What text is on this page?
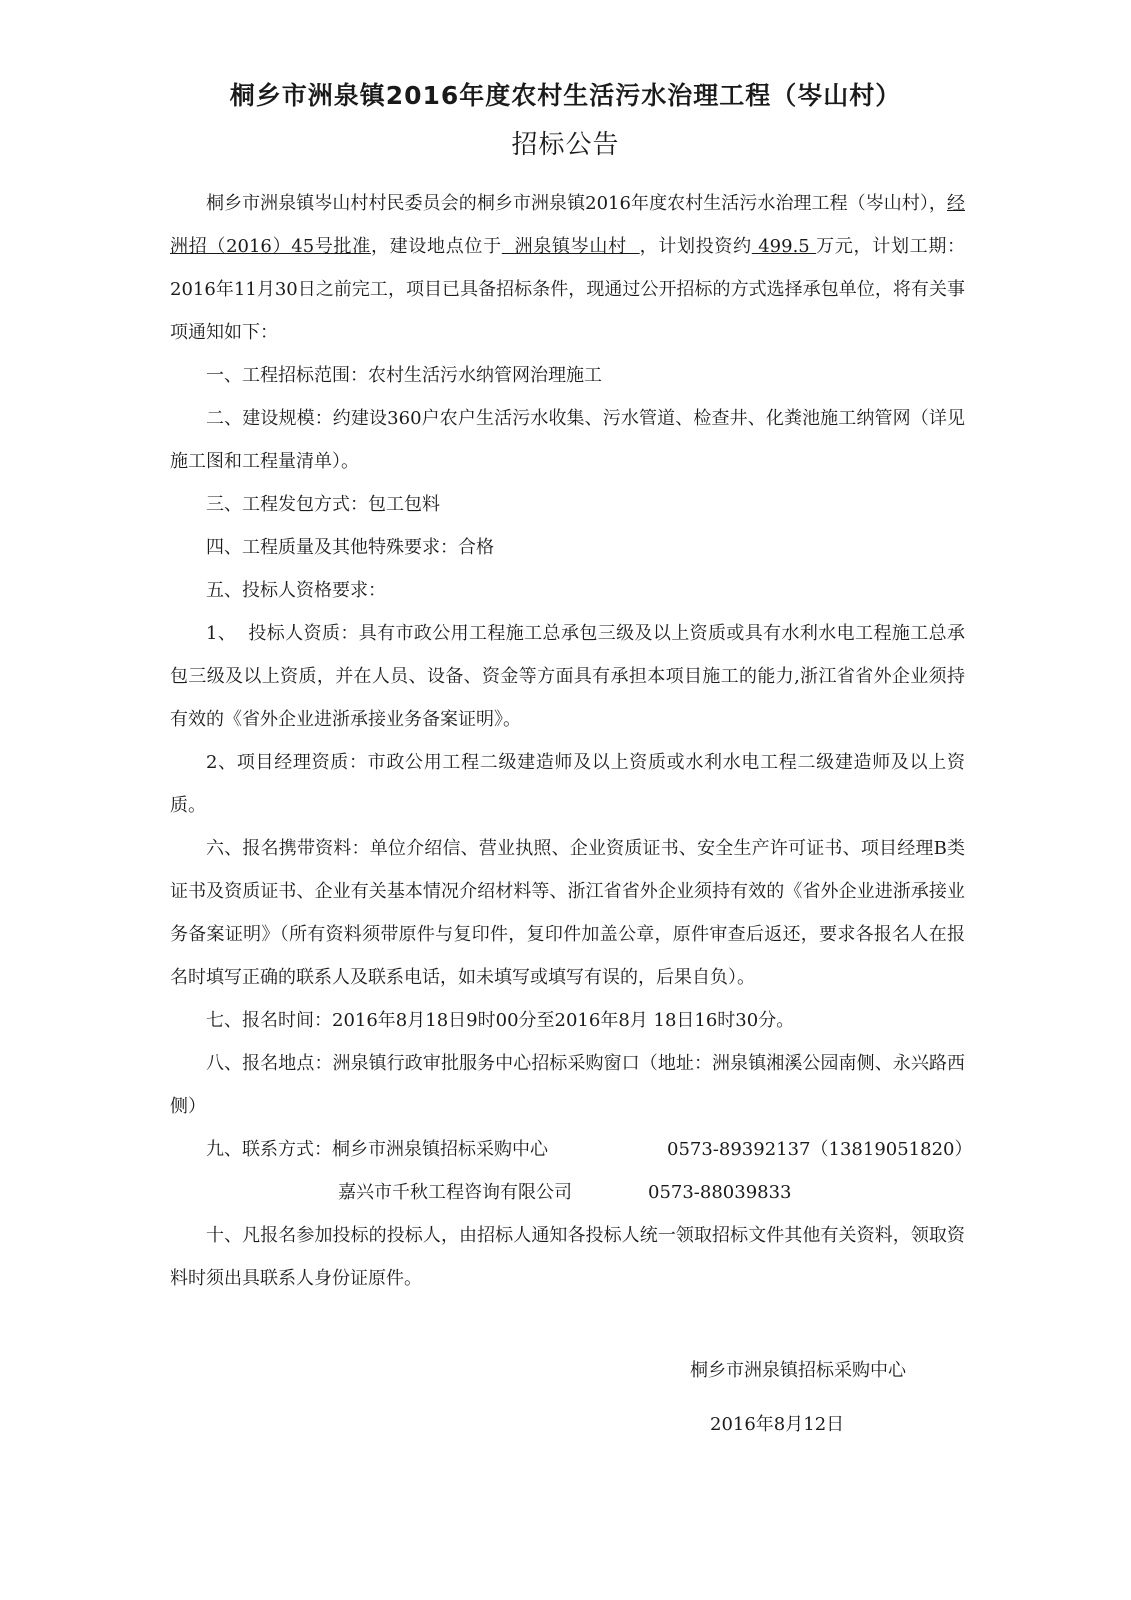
桐乡市洲泉镇2016年度农村生活污水治理工程（岑山村）
招标公告

桐乡市洲泉镇岑山村村民委员会的桐乡市洲泉镇2016年度农村生活污水治理工程（岑山村），经洲招（2016）45号批准，建设地点位于  洲泉镇岑山村  ，计划投资约 499.5 万元，计划工期：2016年11月30日之前完工，项目已具备招标条件，现通过公开招标的方式选择承包单位，将有关事项通知如下：

一、工程招标范围：农村生活污水纳管网治理施工

二、建设规模：约建设360户农户生活污水收集、污水管道、检查井、化粪池施工纳管网（详见施工图和工程量清单）。

三、工程发包方式：包工包料

四、工程质量及其他特殊要求：合格

五、投标人资格要求：

1、  投标人资质：具有市政公用工程施工总承包三级及以上资质或具有水利水电工程施工总承包三级及以上资质，并在人员、设备、资金等方面具有承担本项目施工的能力,浙江省省外企业须持有效的《省外企业进浙承接业务备案证明》。

2、项目经理资质：市政公用工程二级建造师及以上资质或水利水电工程二级建造师及以上资质。

六、报名携带资料：单位介绍信、营业执照、企业资质证书、安全生产许可证书、项目经理B类证书及资质证书、企业有关基本情况介绍材料等、浙江省省外企业须持有效的《省外企业进浙承接业务备案证明》（所有资料须带原件与复印件，复印件加盖公章，原件审查后返还，要求各报名人在报名时填写正确的联系人及联系电话，如未填写或填写有误的，后果自负）。

七、报名时间：2016年8月18日9时00分至2016年8月 18日16时30分。

八、报名地点：洲泉镇行政审批服务中心招标采购窗口（地址：洲泉镇湘溪公园南侧、永兴路西侧）

九、联系方式：桐乡市洲泉镇招标采购中心	0573-89392137（13819051820）
嘉兴市千秋工程咨询有限公司	0573-88039833

十、凡报名参加投标的投标人，由招标人通知各投标人统一领取招标文件其他有关资料，领取资料时须出具联系人身份证原件。

桐乡市洲泉镇招标采购中心
2016年8月12日
